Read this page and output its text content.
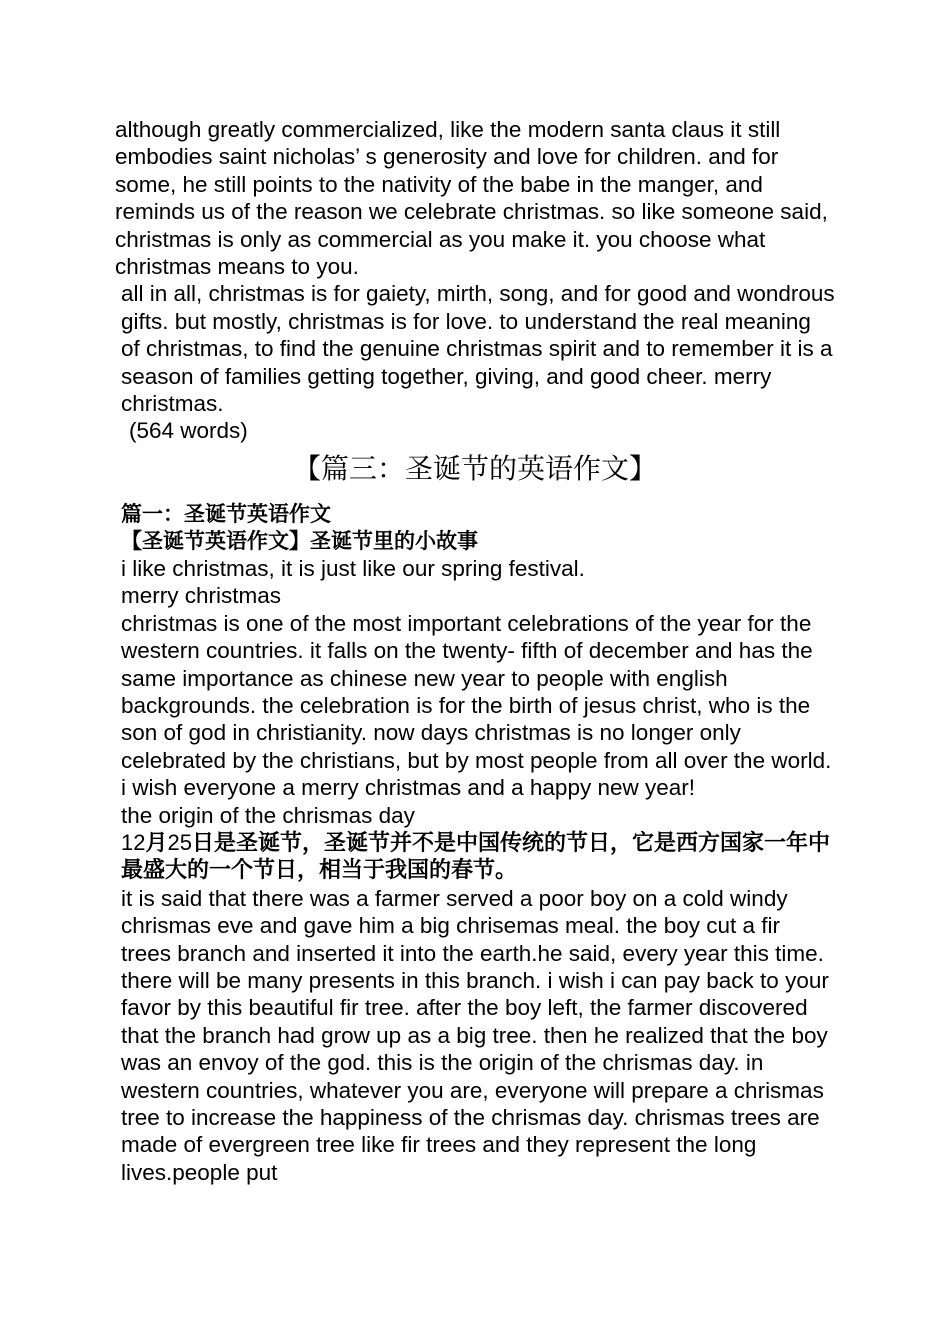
although greatly commercialized, like the modern santa claus it still embodies saint nicholas’ s generosity and love for children. and for some, he still points to the nativity of the babe in the manger, and reminds us of the reason we celebrate christmas. so like someone said, christmas is only as commercial as you make it. you choose what christmas means to you.

all in all, christmas is for gaiety, mirth, song, and for good and wondrous gifts. but mostly, christmas is for love. to understand the real meaning of christmas, to find the genuine christmas spirit and to remember it is a season of families getting together, giving, and good cheer. merry christmas.

(564 words)

【篇三：圣诞节的英语作文】

篇一：圣诞节英语作文

【圣诞节英语作文】圣诞节里的小故事

i like christmas, it is just like our spring festival.

merry christmas

christmas is one of the most important celebrations of the year for the western countries. it falls on the twenty- fifth of december and has the same importance as chinese new year to people with english backgrounds. the celebration is for the birth of jesus christ, who is the son of god in christianity. now days christmas is no longer only celebrated by the christians, but by most people from all over the world. i wish everyone a merry christmas and a happy new year!

the origin of the chrismas day

12月25日是圣诞节，圣诞节并不是中国传统的节日，它是西方国家一年中最盛大的一个节日，相当于我国的春节。

it is said that there was a farmer served a poor boy on a cold windy chrismas eve and gave him a big chrisemas meal. the boy cut a fir trees branch and inserted it into the earth.he said, every year this time. there will be many presents in this branch. i wish i can pay back to your favor by this beautiful fir tree. after the boy left, the farmer discovered that the branch had grow up as a big tree. then he realized that the boy was an envoy of the god. this is the origin of the chrismas day. in western countries, whatever you are, everyone will prepare a chrismas tree to increase the happiness of the chrismas day. chrismas trees are made of evergreen tree like fir trees and they represent the long lives.people put
